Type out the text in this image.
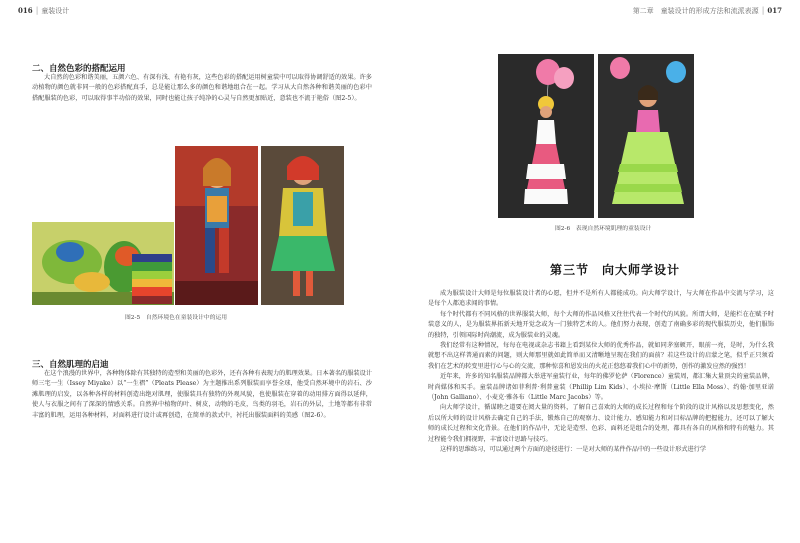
016 │ 童装设计
二、自然色彩的搭配运用
大自然的色彩和谐美丽，五颜六色、有深有浅、有艳有灰，这些色彩的搭配运用树童装中可以取得协调舒适的效果。许多动植物的颜色就非同一般的色彩搭配真手，总是能让那么多的颜色和谐地组合在一起。学习从大自然各种和谐美丽的色彩中搭配服装的色彩，可以取得事半功倍的效果，同时也能让孩子纯净的心灵与自然更加贴近，意装也不流于艳俗（图2-5）。
图2-5　自然环境色在童装设计中的运用
三、自然肌理的启迪
在这个浪漫的世界中，各种物体除有其独特的造型和美丽的色彩外，还有各种有表现力的肌理效果。日本著名的服装设计师三宅一生（Issey Miyake）以“一生褶”（Pleats Please）为主题推出系列服装而享誉全球，他受自然环境中的岩石、沙滩肌理的启发，以各种各样的材料创造出绝对肌理，使服装具有独特的外观风貌，也使服装在穿着的动用排方面得以延伸，使人与衣服之间有了深深的情感关系。自然界中植物的叶、树皮，动物的毛皮，鸟类的羽毛，岩石的外层，土地等都有非常丰富的肌理，运用各种材料，对面料进行设计或再创造，在简单的款式中，衬托出服装面料的美感（图2-6）。
第二章　童装设计的形成方法和流派表源 │ 017
图2-6　表现自然环境肌理的童装设计
第三节　向大师学设计

成为服装设计大师是每位服装设计者的心愿，但并不是所有人都能成功。向大师学设计，与大师在作品中交流与学习，这是每个人都追求闻的事情。

每个时代都有不同风格的世界服装大师，每个大师的作品风格又往往代表一个时代的风貌。所谓大师，是能栏在在赋予时装意义的人，是为服装界拓新天地开觉念或为一门独特艺术的人。他们努力表现，创造了南确多彩的现代服装历史，他们服饰的独特，引领国际时尚潮流，成为服装业的灵魂。

我们经常有这种情况，每每在电视或杂志书籍上看到某位大师的优秀作品，就如同茅塞顿开，眼前一亮，是时，为什么我就想不出这样普通而素的问题，则大师那里就如此简单而又清晰地呈现在我们的面前？若这些设计的启蒙之笔，似乎正只须看我们在艺术的转变里进行心与心的交流，那种惊喜和恩发出的火花正悠悠着我们心中的新势，创作的激发应然的强烈！

近年来，许多的知名服装品牌都大举进军童装行业，每年的佛罗伦萨（Florence）童装周，都汇集大量顶尖的童装品牌，时尚媒体和买手。童装品牌诸如菲利普·利普童装（Phillip Lim Kids）、小埃拉·摩斯（Little Ella Moss）、约翰·加里亚诺（John Galliano）、小麦克·雅各布（Little Marc Jacobs）等。

向大师学设计，循谋睦之道要在阅大量的资料，了解自己喜欢的大师的成长过程和每个阶段的设计风格以及思想变化，然后以所大师的设计风格去确定自己的手法，锻炼自己的观察力、设计能力、感知能力和对目标品牌的把握能力，还可以了解大师的成长过程和文化背景。在他们的作品中，无论是造型、色彩、面料还是组合的处理，都具有各自的风格和特有的魅力。其过程能令我们拥视野，丰富设计思路与技巧。

这样的思维练习，可以通过两个方面的途径进行：一是对大师的某件作品中的一些设计形式进行学
